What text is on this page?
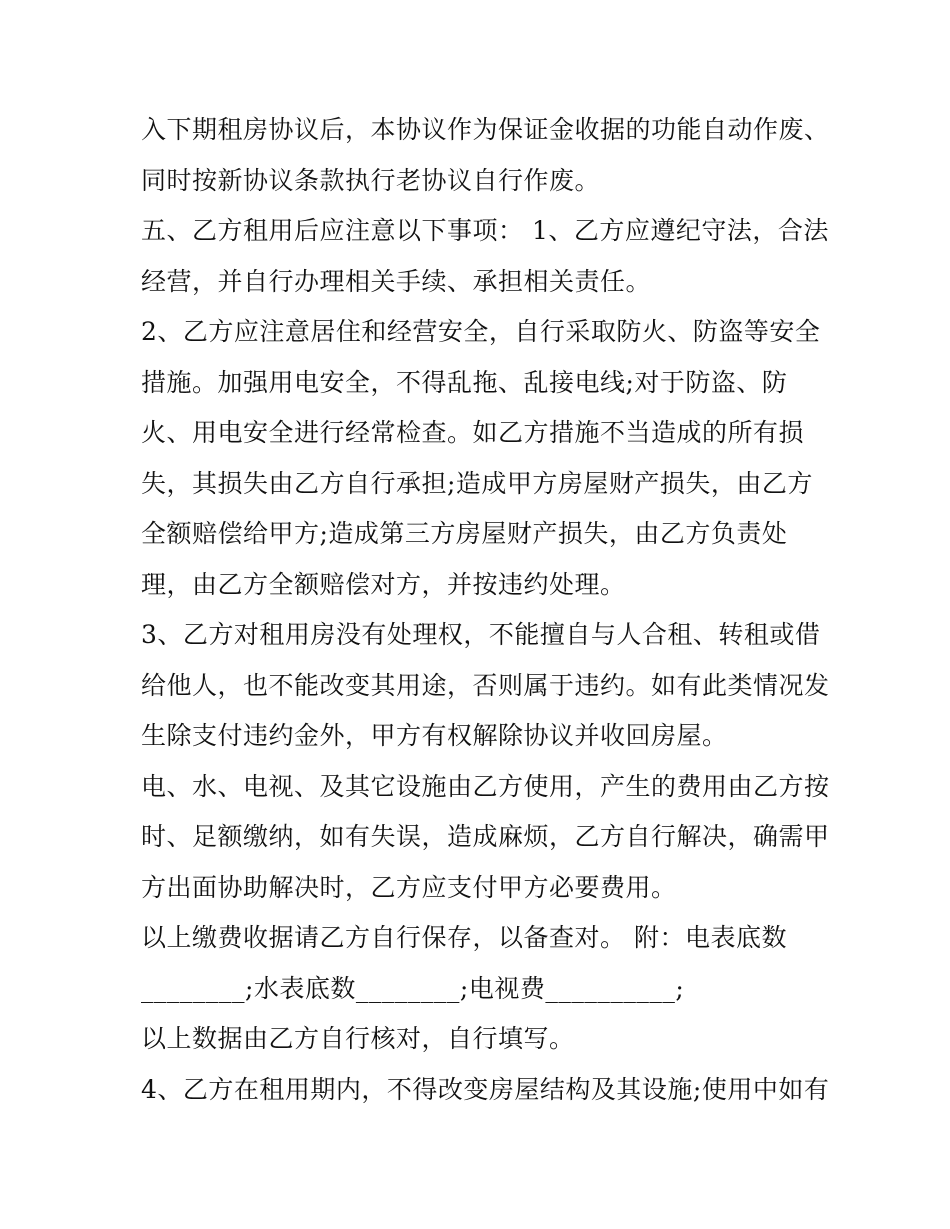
入下期租房协议后，本协议作为保证金收据的功能自动作废、
同时按新协议条款执行老协议自行作废。
五、乙方租用后应注意以下事项： 1、乙方应遵纪守法，合法
经营，并自行办理相关手续、承担相关责任。
2、乙方应注意居住和经营安全，自行采取防火、防盗等安全
措施。加强用电安全，不得乱拖、乱接电线;对于防盗、防
火、用电安全进行经常检查。如乙方措施不当造成的所有损
失，其损失由乙方自行承担;造成甲方房屋财产损失，由乙方
全额赔偿给甲方;造成第三方房屋财产损失，由乙方负责处
理，由乙方全额赔偿对方，并按违约处理。
3、乙方对租用房没有处理权，不能擅自与人合租、转租或借
给他人，也不能改变其用途，否则属于违约。如有此类情况发
生除支付违约金外，甲方有权解除协议并收回房屋。
电、水、电视、及其它设施由乙方使用，产生的费用由乙方按
时、足额缴纳，如有失误，造成麻烦，乙方自行解决，确需甲
方出面协助解决时，乙方应支付甲方必要费用。
以上缴费收据请乙方自行保存，以备查对。 附：电表底数
________;水表底数________;电视费__________;
以上数据由乙方自行核对，自行填写。
4、乙方在租用期内，不得改变房屋结构及其设施;使用中如有
